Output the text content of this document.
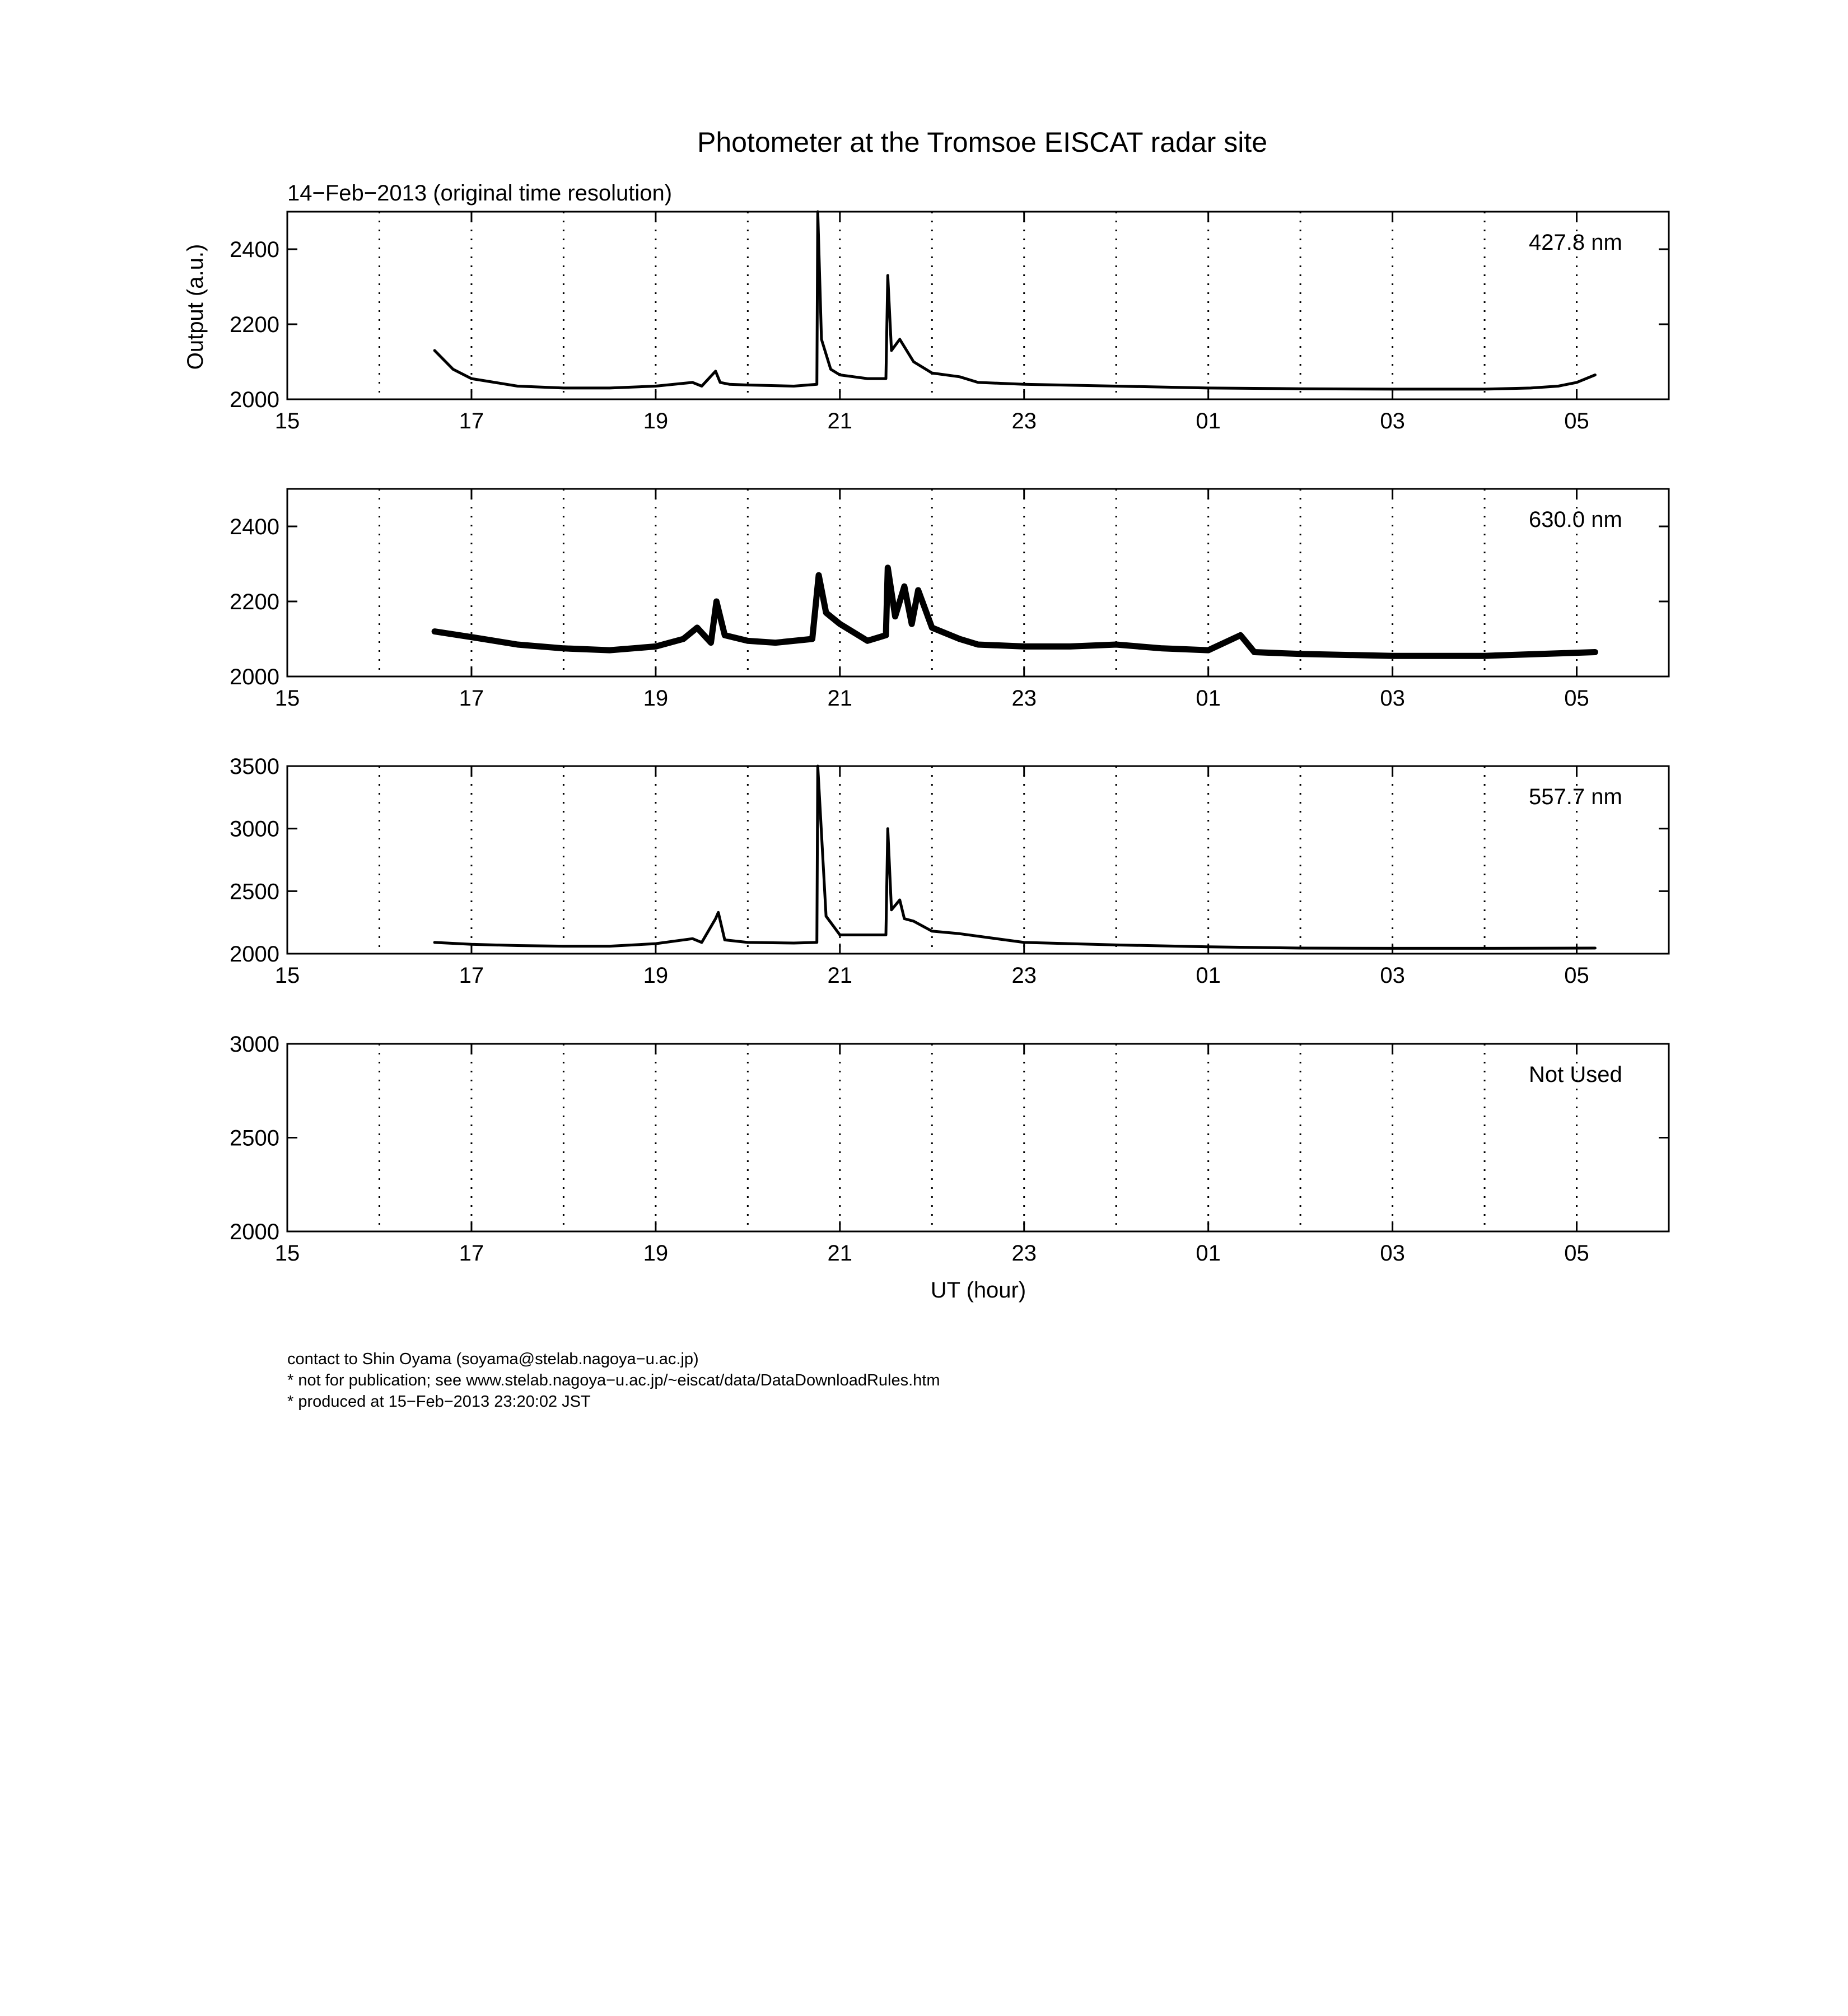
Photometer at the Tromsoe EISCAT radar site
14−Feb−2013 (original time resolution)
Output (a.u.)
UT (hour)
15	17	19	21	23	01	03	05
2000
2200
2400	427.8 nm
15	17	19	21	23	01	03	05
2000
2200
2400	630.0 nm
15	17	19	21	23	01	03	05
2000
2500
3000
3500
557.7 nm
15	17	19	21	23	01	03	05
2000
2500
3000
Not Used
contact to Shin Oyama (soyama@stelab.nagoya−u.ac.jp)
* not for publication; see www.stelab.nagoya−u.ac.jp/~eiscat/data/DataDownloadRules.htm
* produced at 15−Feb−2013 23:20:02 JST
